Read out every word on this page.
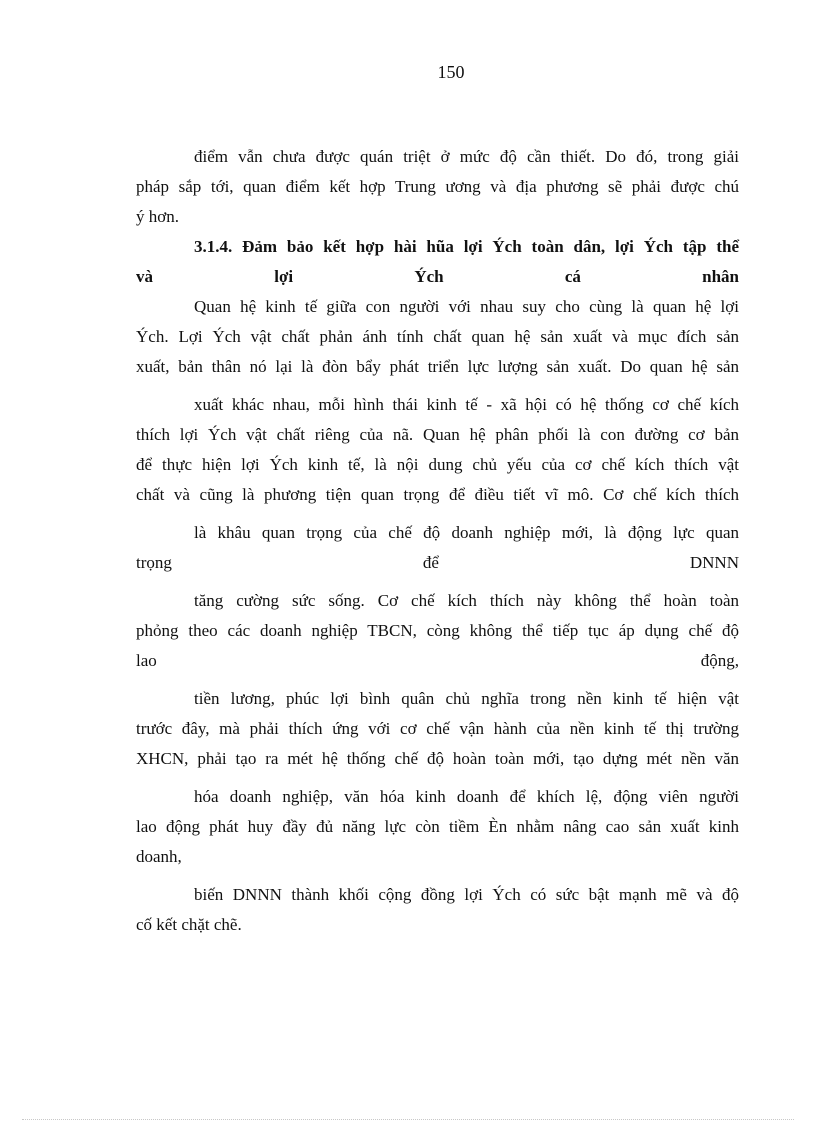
150
điểm vẫn chưa được quán triệt ở mức độ cần thiết. Do đó, trong giải
pháp sắp tới, quan điểm kết hợp Trung ương và địa phương sẽ phải được chú
ý hơn.
3.1.4. Đảm bảo kết hợp hài hũa lợi Ých toàn dân, lợi Ých tập thể
và lợi Ých cá nhân
Quan hệ kinh tế giữa con người với nhau suy cho cùng là quan hệ lợi
Ých. Lợi Ých vật chất phản ánh tính chất quan hệ sản xuất và mục đích sản
xuất, bản thân nó lại là đòn bẩy phát triển lực lượng sản xuất. Do quan hệ sản
xuất khác nhau, mỗi hình thái kinh tế - xã hội có hệ thống cơ chế kích
thích lợi Ých vật chất riêng của nã. Quan hệ phân phối là con đường cơ bản
để thực hiện lợi Ých kinh tế, là nội dung chủ yếu của cơ chế kích thích vật
chất và cũng là phương tiện quan trọng để điều tiết vĩ mô. Cơ chế kích thích
là khâu quan trọng của chế độ doanh nghiệp mới, là động lực quan
trọng để DNNN
tăng cường sức sống. Cơ chế kích thích này không thể hoàn toàn
phỏng theo các doanh nghiệp TBCN, còng không thể tiếp tục áp dụng chế độ
lao động,
tiền lương, phúc lợi bình quân chủ nghĩa trong nền kinh tế hiện vật
trước đây, mà phải thích ứng với cơ chế vận hành của nền kinh tế thị trường
XHCN, phải tạo ra mét hệ thống chế độ hoàn toàn mới, tạo dựng mét nền văn
hóa doanh nghiệp, văn hóa kinh doanh để khích lệ, động viên người
lao động phát huy đầy đủ năng lực còn tiềm Èn nhằm nâng cao sản xuất kinh
doanh,
biến DNNN thành khối cộng đồng lợi Ých có sức bật mạnh mẽ và độ
cố kết chặt chẽ.
